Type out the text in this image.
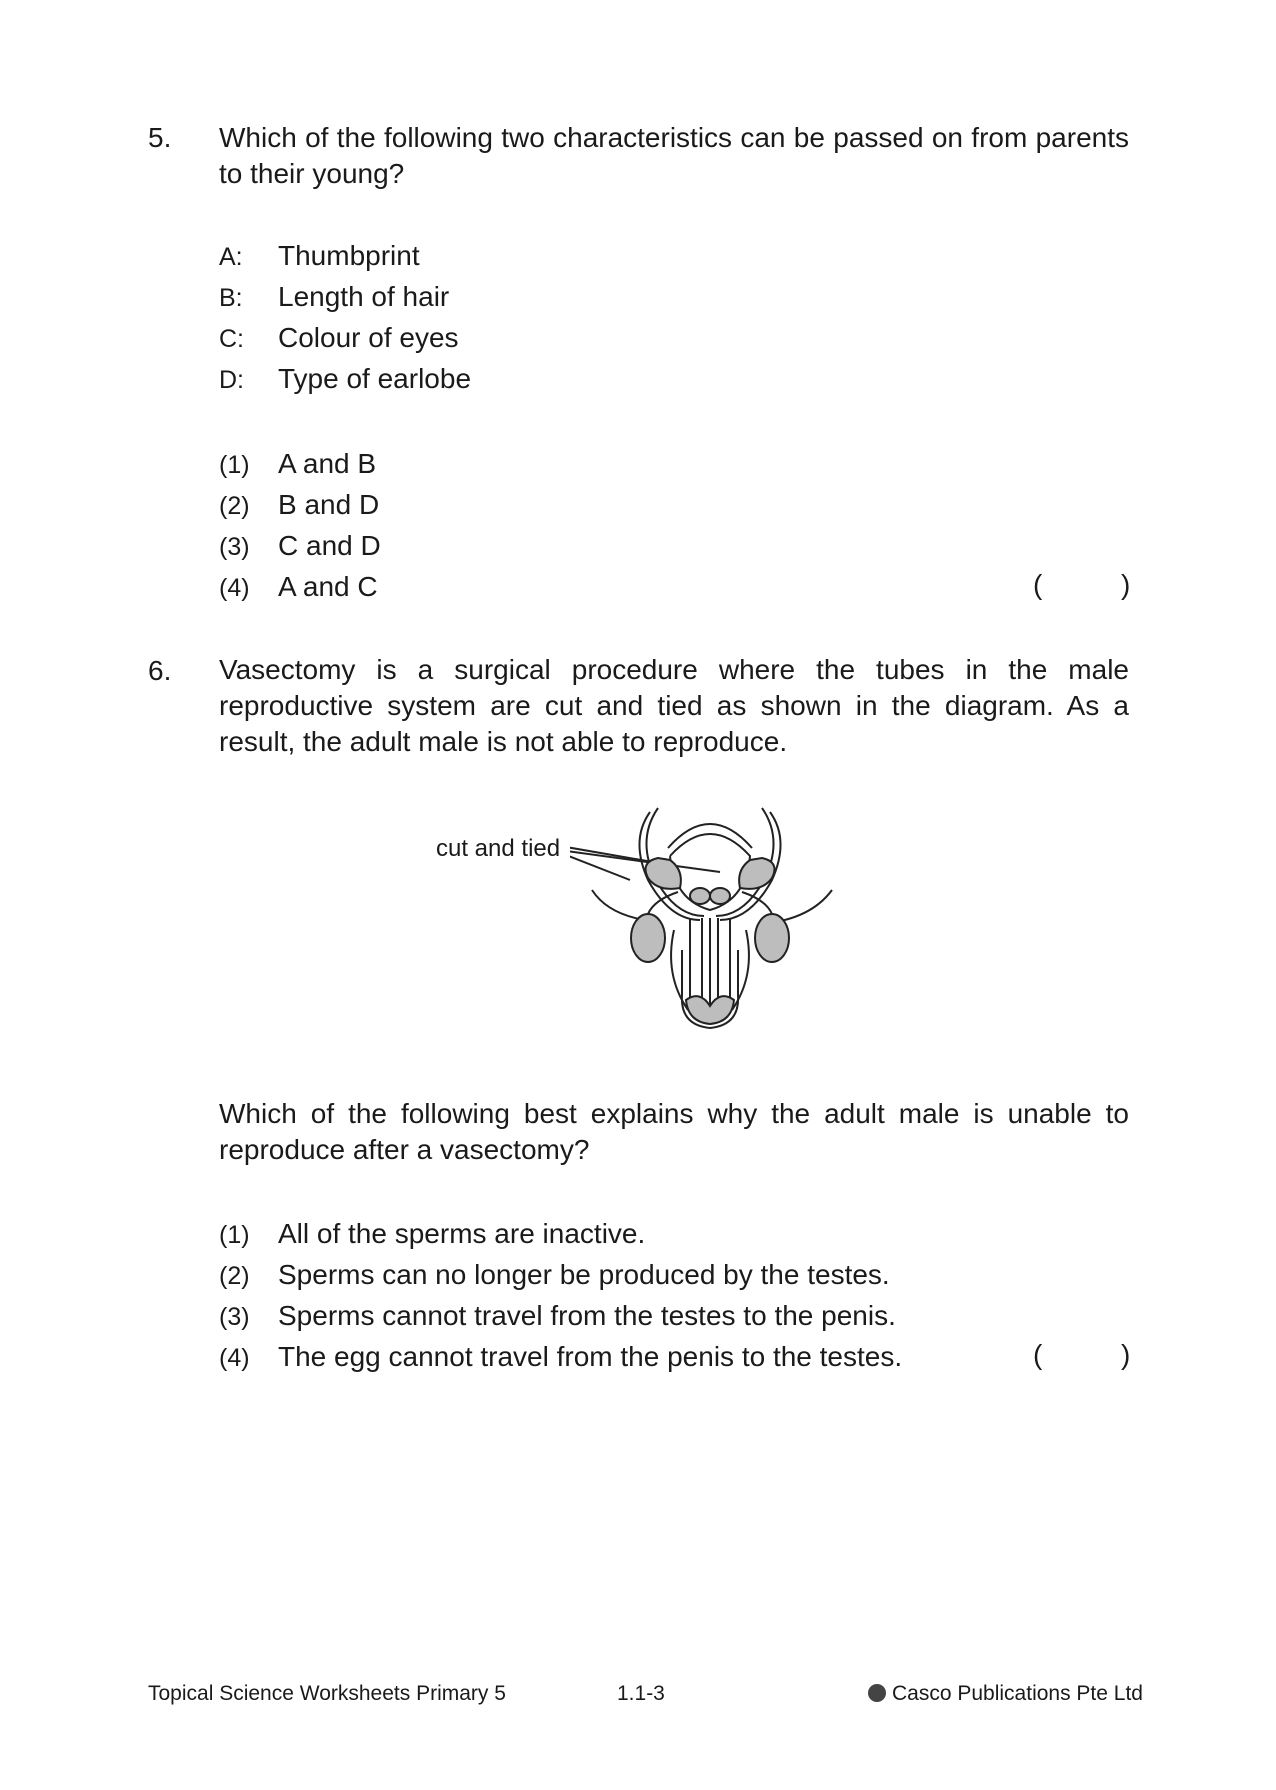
5. Which of the following two characteristics can be passed on from parents to their young?
A: Thumbprint
B: Length of hair
C: Colour of eyes
D: Type of earlobe
(1) A and B
(2) B and D
(3) C and D
(4) A and C	(	)
6. Vasectomy is a surgical procedure where the tubes in the male reproductive system are cut and tied as shown in the diagram. As a result, the adult male is not able to reproduce.
cut and tied
Which of the following best explains why the adult male is unable to reproduce after a vasectomy?
(1) All of the sperms are inactive.
(2) Sperms can no longer be produced by the testes.
(3) Sperms cannot travel from the testes to the penis.
(4) The egg cannot travel from the penis to the testes.	(	)
Topical Science Worksheets Primary 5	1.1-3	Casco Publications Pte Ltd
